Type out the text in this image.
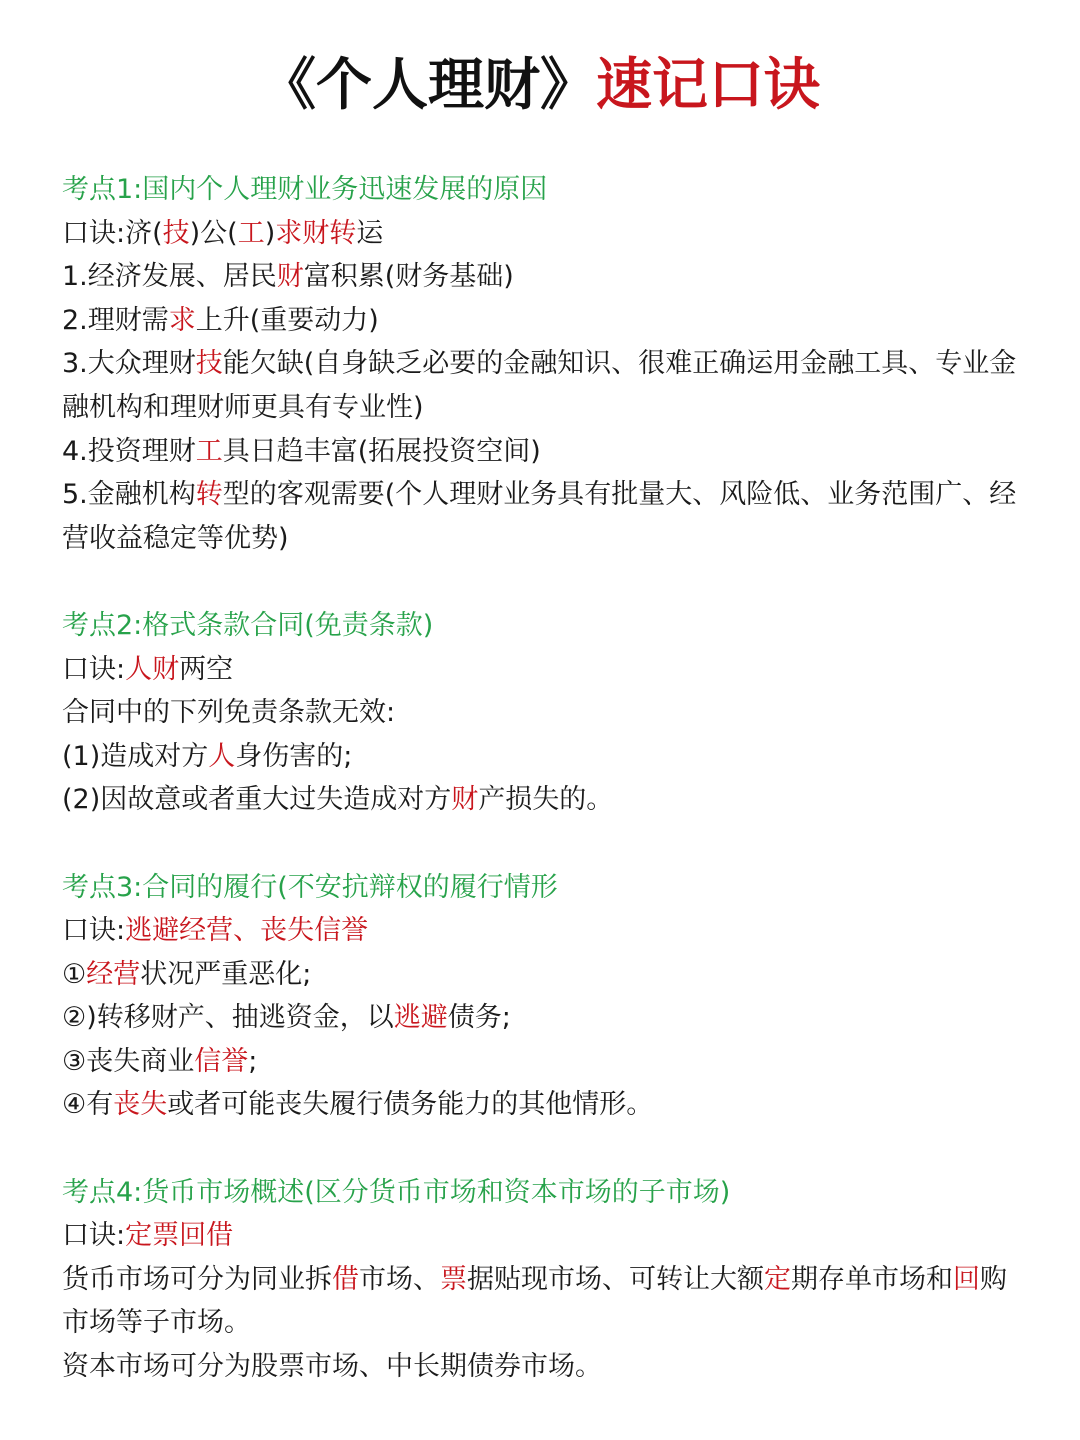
《个人理财》速记口诀
考点1:国内个人理财业务迅速发展的原因
口诀:济(技)公(工)求财转运
1.经济发展、居民财富积累(财务基础)
2.理财需求上升(重要动力)
3.大众理财技能欠缺(自身缺乏必要的金融知识、很难正确运用金融工具、专业金融机构和理财师更具有专业性)
4.投资理财工具日趋丰富(拓展投资空间)
5.金融机构转型的客观需要(个人理财业务具有批量大、风险低、业务范围广、经营收益稳定等优势)
考点2:格式条款合同(免责条款)
口诀:人财两空
合同中的下列免责条款无效:
(1)造成对方人身伤害的;
(2)因故意或者重大过失造成对方财产损失的。
考点3:合同的履行(不安抗辩权的履行情形
口诀:逃避经营、丧失信誉
①经营状况严重恶化;
②)转移财产、抽逃资金，以逃避债务;
③丧失商业信誉;
④有丧失或者可能丧失履行债务能力的其他情形。
考点4:货币市场概述(区分货币市场和资本市场的子市场)
口诀:定票回借
货币市场可分为同业拆借市场、票据贴现市场、可转让大额定期存单市场和回购市场等子市场。
资本市场可分为股票市场、中长期债券市场。
